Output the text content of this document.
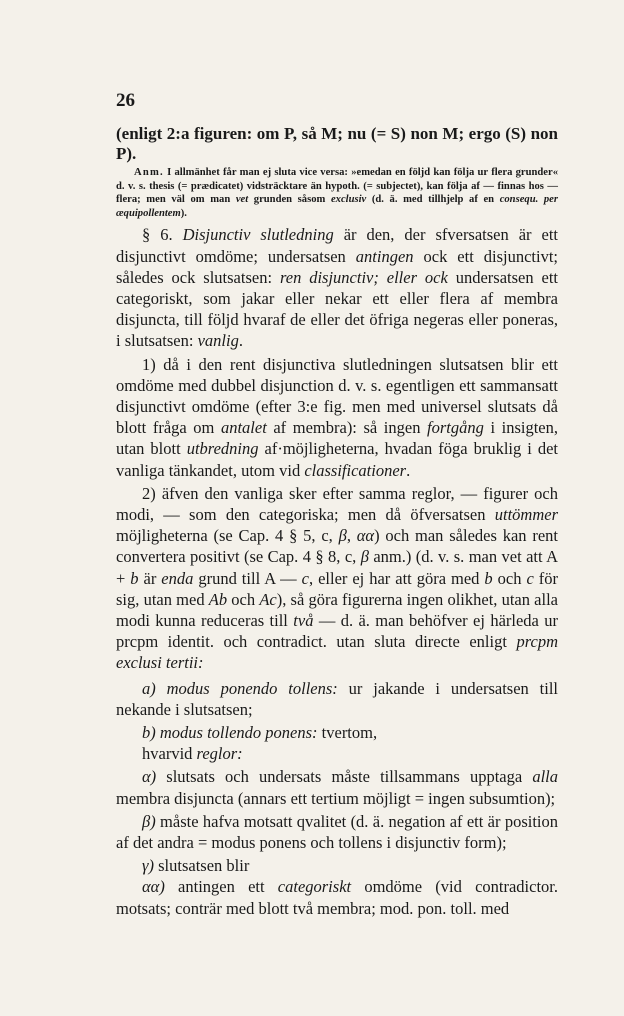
26

(enligt 2:a figuren: om P, så M; nu (= S) non M; ergo (S) non P).

Anm. I allmänhet får man ej sluta vice versa: »emedan en följd kan följa ur flera grunder« d. v. s. thesis (= prædicatet) vidsträcktare än hypoth. (= subjectet), kan följa af — finnas hos — flera; men väl om man vet grunden såsom exclusiv (d. ä. med tillhjelp af en consequ. per æquipollentem).

§ 6. Disjunctiv slutledning är den, der sfversatsen är ett disjunctivt omdöme; undersatsen antingen ock ett disjunctivt; således ock slutsatsen: ren disjunctiv; eller ock undersatsen ett categoriskt, som jakar eller nekar ett eller flera af membra disjuncta, till följd hvaraf de eller det öfriga negeras eller poneras, i slutsatsen: vanlig.

1) då i den rent disjunctiva slutledningen slutsatsen blir ett omdöme med dubbel disjunction d. v. s. egentligen ett sammansatt disjunctivt omdöme (efter 3:e fig. men med universel slutsats då blott fråga om antalet af membra): så ingen fortgång i insigten, utan blott utbredning af·möjligheterna, hvadan föga bruklig i det vanliga tänkandet, utom vid classificationer.

2) äfven den vanliga sker efter samma reglor, — figurer och modi, — som den categoriska; men då öfversatsen uttömmer möjligheterna (se Cap. 4 § 5, c, β, αα) och man således kan rent convertera positivt (se Cap. 4 § 8, c, β anm.) (d. v. s. man vet att A + b är enda grund till A — c, eller ej har att göra med b och c för sig, utan med Ab och Ac), så göra figurerna ingen olikhet, utan alla modi kunna reduceras till två — d. ä. man behöfver ej härleda ur prcpm identit. och contradict. utan sluta directe enligt prcpm exclusi tertii:

a) modus ponendo tollens: ur jakande i undersatsen till nekande i slutsatsen;

b) modus tollendo ponens: tvertom,

hvarvid reglor:

α) slutsats och undersats måste tillsammans upptaga alla membra disjuncta (annars ett tertium möjligt = ingen subsumtion);

β) måste hafva motsatt qvalitet (d. ä. negation af ett är position af det andra = modus ponens och tollens i disjunctiv form);

γ) slutsatsen blir

αα) antingen ett categoriskt omdöme (vid contradictor. motsats; conträr med blott två membra; mod. pon. toll. med
